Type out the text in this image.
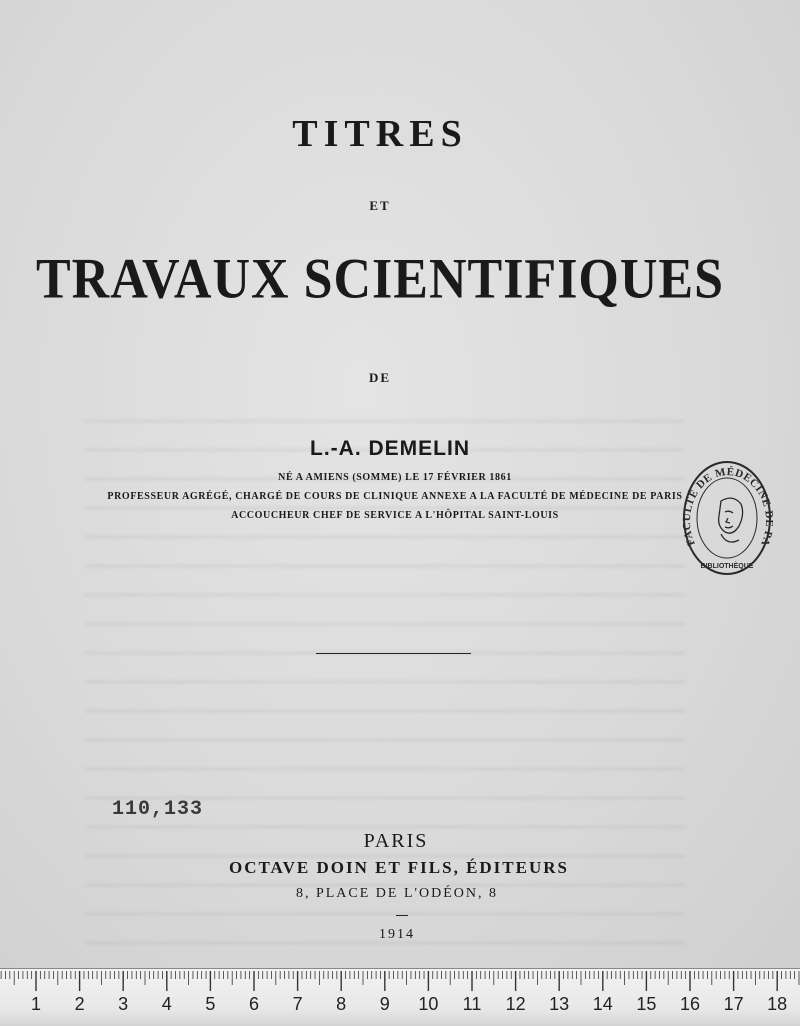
TITRES
ET
TRAVAUX SCIENTIFIQUES
DE
L.-A. DEMELIN
NÉ A AMIENS (SOMME) LE 17 FÉVRIER 1861
PROFESSEUR AGRÉGÉ, CHARGÉ DE COURS DE CLINIQUE ANNEXE A LA FACULTÉ DE MÉDECINE DE PARIS
ACCOUCHEUR CHEF DE SERVICE A L'HÔPITAL SAINT-LOUIS
FACULTÉ DE MÉDECINE PA
BIBLIOTHÈQUE
110,133
PARIS
OCTAVE DOIN ET FILS, ÉDITEURS
8, PLACE DE L'ODÉON, 8
1914
1 2 3 4 5 6 7 8 9 10 11 12 13 14 15 16 17 18
